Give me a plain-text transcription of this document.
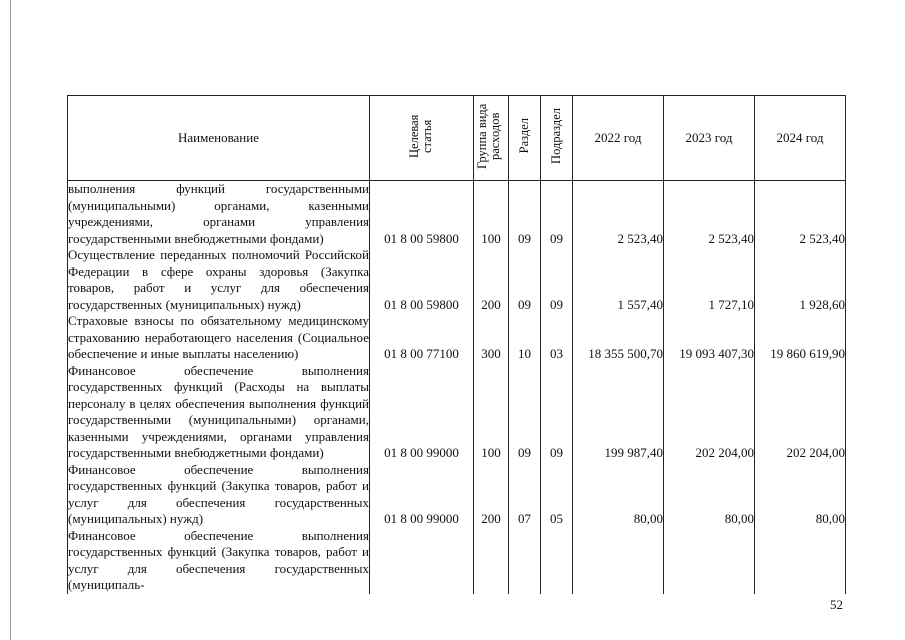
Наименование	Целевая статья	Группа вида расходов	Раздел	Подраздел	2022 год	2023 год	2024 год
выполнения функций государственными (муниципальными) органами, казенными учреждениями, органами управления государственными внебюджетными фондами)	01 8 00 59800	100	09	09	2 523,40	2 523,40	2 523,40
Осуществление переданных полномочий Российской Федерации в сфере охраны здоровья (Закупка товаров, работ и услуг для обеспечения государственных (муниципальных) нужд)	01 8 00 59800	200	09	09	1 557,40	1 727,10	1 928,60
Страховые взносы по обязательному медицинскому страхованию неработающего населения (Социальное обеспечение и иные выплаты населению)	01 8 00 77100	300	10	03	18 355 500,70	19 093 407,30	19 860 619,90
Финансовое обеспечение выполнения государственных функций (Расходы на выплаты персоналу в целях обеспечения выполнения функций государственными (муниципальными) органами, казенными учреждениями, органами управления государственными внебюджетными фондами)	01 8 00 99000	100	09	09	199 987,40	202 204,00	202 204,00
Финансовое обеспечение выполнения государственных функций (Закупка товаров, работ и услуг для обеспечения государственных (муниципальных) нужд)	01 8 00 99000	200	07	05	80,00	80,00	80,00
Финансовое обеспечение выполнения государственных функций (Закупка товаров, работ и услуг для обеспечения государственных (муниципаль-							
52
